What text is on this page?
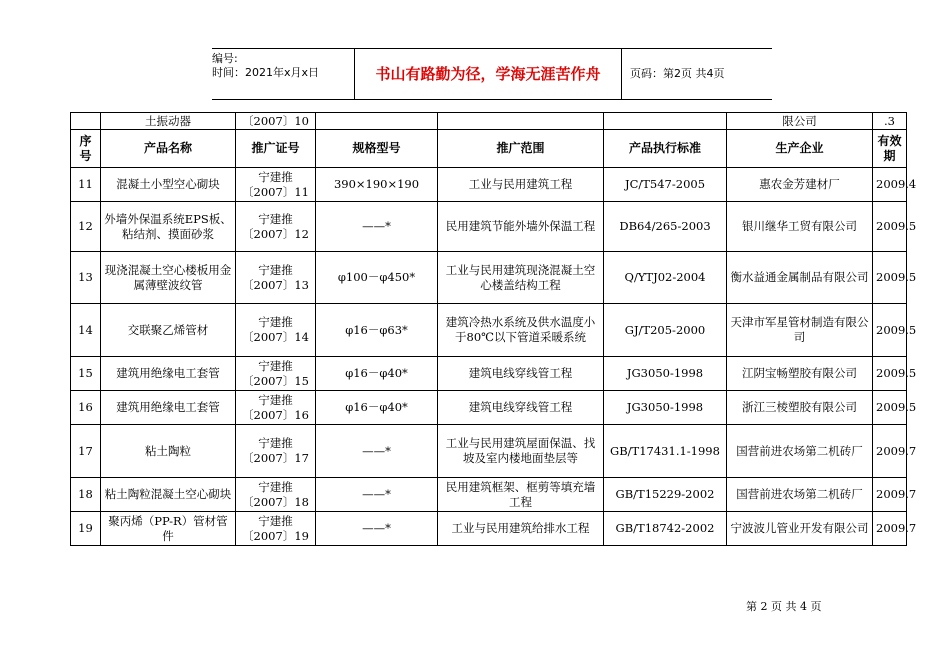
编号:
时间：2021年x月x日	书山有路勤为径，学海无涯苦作舟	页码：第2页 共4页
	土振动器	〔2007〕10				限公司	.3
序号	产品名称	推广证号	规格型号	推广范围	产品执行标准	生产企业	有效期
11	混凝土小型空心砌块	宁建推〔2007〕11	390×190×190	工业与民用建筑工程	JC/T547-2005	惠农金芳建材厂	2009.4
12	外墙外保温系统EPS板、粘结剂、摸面砂浆	宁建推〔2007〕12	——*	民用建筑节能外墙外保温工程	DB64/265-2003	银川继华工贸有限公司	2009.5
13	现浇混凝土空心楼板用金属薄壁波纹管	宁建推〔2007〕13	φ100－φ450*	工业与民用建筑现浇混凝土空心楼盖结构工程	Q/YTJ02-2004	衡水益通金属制品有限公司	2009.5
14	交联聚乙烯管材	宁建推〔2007〕14	φ16－φ63*	建筑冷热水系统及供水温度小于80℃以下管道采暖系统	GJ/T205-2000	天津市军星管材制造有限公司	2009.5
15	建筑用绝缘电工套管	宁建推〔2007〕15	φ16－φ40*	建筑电线穿线管工程	JG3050-1998	江阴宝畅塑胶有限公司	2009.5
16	建筑用绝缘电工套管	宁建推〔2007〕16	φ16－φ40*	建筑电线穿线管工程	JG3050-1998	浙江三棱塑胶有限公司	2009.5
17	粘土陶粒	宁建推〔2007〕17	——*	工业与民用建筑屋面保温、找坡及室内楼地面垫层等	GB/T17431.1-1998	国营前进农场第二机砖厂	2009.7
18	粘土陶粒混凝土空心砌块	宁建推〔2007〕18	——*	民用建筑框架、框剪等填充墙工程	GB/T15229-2002	国营前进农场第二机砖厂	2009.7
19	聚丙烯（PP-R）管材管件	宁建推〔2007〕19	——*	工业与民用建筑给排水工程	GB/T18742-2002	宁波波儿管业开发有限公司	2009.7
第 2 页 共 4 页
